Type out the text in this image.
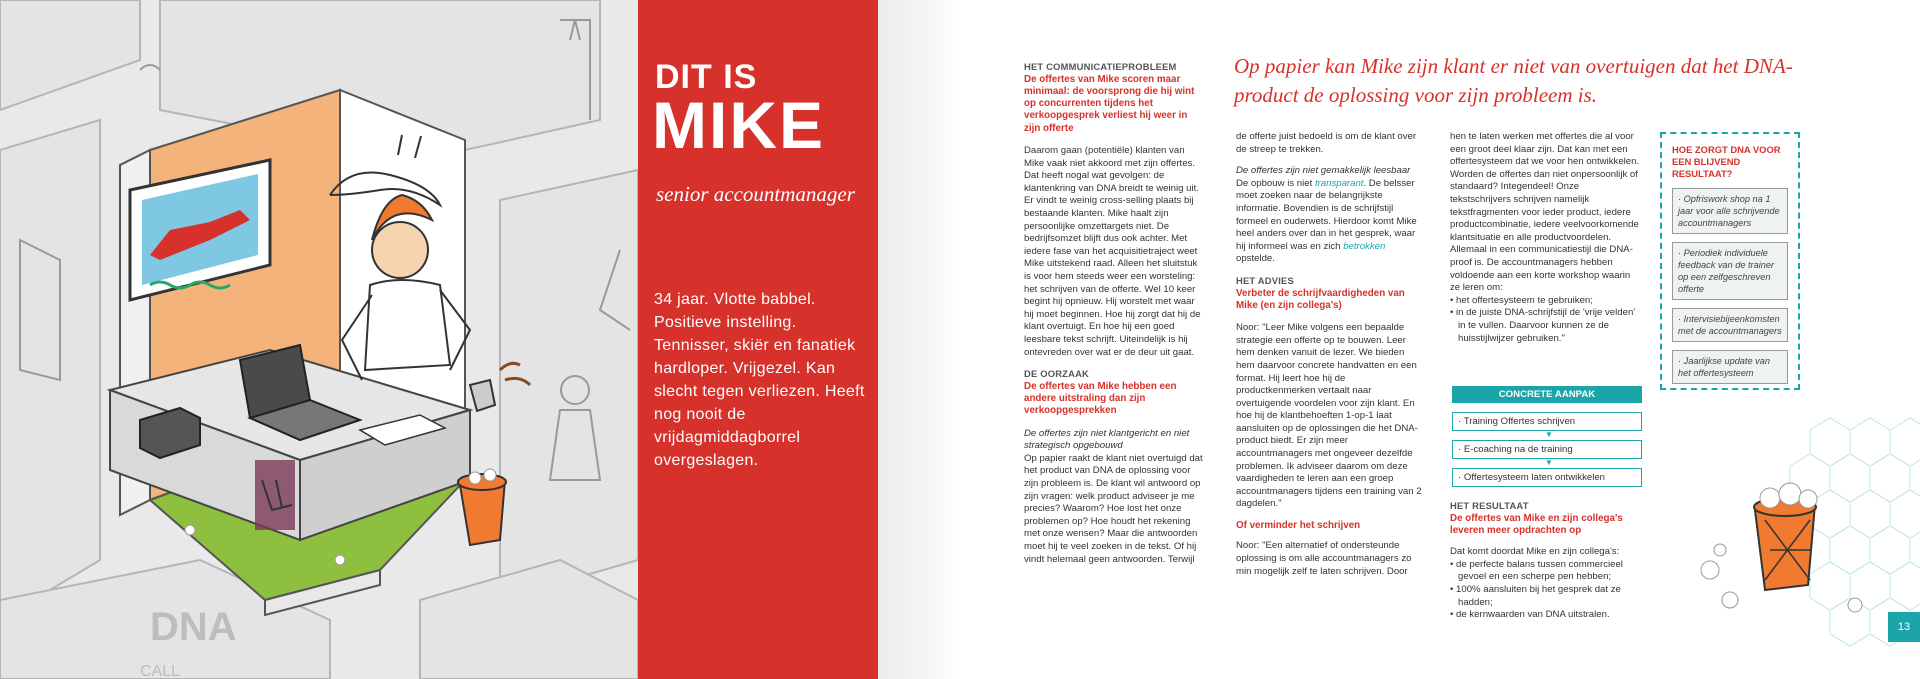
DNA
CALL
DIT IS
MIKE
senior accountmanager
34 jaar. Vlotte babbel. Positieve instelling. Tennisser, skiër en fanatiek hardloper. Vrijgezel. Kan slecht tegen verliezen. Heeft nog nooit de vrijdagmiddagborrel overgeslagen.
Op papier kan Mike zijn klant er niet van overtuigen dat het DNA-product de oplossing voor zijn probleem is.
HET COMMUNICATIEPROBLEEM
De offertes van Mike scoren maar minimaal: de voorsprong die hij wint op concurrenten tijdens het verkoopgesprek verliest hij weer in zijn offerte

Daarom gaan (potentiële) klanten van Mike vaak niet akkoord met zijn offertes. Dat heeft nogal wat gevolgen: de klantenkring van DNA breidt te weinig uit. Er vindt te weinig cross-selling plaats bij bestaande klanten. Mike haalt zijn persoonlijke omzettargets niet. De bedrijfsomzet blijft dus ook achter. Met iedere fase van het acquisitietraject weet Mike uitstekend raad. Alleen het sluitstuk is voor hem steeds weer een worsteling: het schrijven van de offerte. Wel 10 keer begint hij opnieuw. Hij worstelt met waar hij moet beginnen. Hoe hij zorgt dat hij de klant overtuigt. En hoe hij een goed leesbare tekst schrijft. Uiteindelijk is hij ontevreden over wat er de deur uit gaat.

DE OORZAAK
De offertes van Mike hebben een andere uitstraling dan zijn verkoopgesprekken
De offertes zijn niet klantgericht en niet strategisch opgebouwd

Op papier raakt de klant niet overtuigd dat het product van DNA de oplossing voor zijn probleem is. De klant wil antwoord op zijn vragen: welk product adviseer je me precies? Waarom? Hoe lost het onze problemen op? Hoe houdt het rekening met onze wensen? Maar die antwoorden moet hij te veel zoeken in de tekst. Of hij vindt helemaal geen antwoorden. Terwijl

de offerte juist bedoeld is om de klant over de streep te trekken.

De offertes zijn niet gemakkelijk leesbaar

De opbouw is niet transparant. De belsser moet zoeken naar de belangrijkste informatie. Bovendien is de schrijfstijl formeel en ouderwets. Hierdoor komt Mike heel anders over dan in het gesprek, waar hij informeel was en zich betrokken opstelde.

HET ADVIES
Verbeter de schrijfvaardigheden van Mike (en zijn collega's)

Noor: "Leer Mike volgens een bepaalde strategie een offerte op te bouwen. Leer hem denken vanuit de lezer. We bieden hem daarvoor concrete handvatten en een format. Hij leert hoe hij de productkenmerken vertaalt naar overtuigende voordelen voor zijn klant. En hoe hij de klantbehoeften 1-op-1 laat aansluiten op de oplossingen die het DNA-product biedt. Er zijn meer accountmanagers met ongeveer dezelfde problemen. Ik adviseer daarom om deze vaardigheden te leren aan een groep accountmanagers tijdens een training van 2 dagdelen."

Of verminder het schrijven

Noor: "Een alternatief of ondersteunde oplossing is om alle accountmanagers zo min mogelijk zelf te laten schrijven. Door

hen te laten werken met offertes die al voor een groot deel klaar zijn. Dat kan met een offertesysteem dat we voor hen ontwikkelen. Worden de offertes dan niet onpersoonlijk of standaard? Integendeel! Onze tekstschrijvers schrijven namelijk tekstfragmenten voor ieder product, iedere productcombinatie, iedere veelvoorkomende klantsituatie en alle productvoordelen. Allemaal in een communicatiestijl die DNA-proof is. De accountmanagers hebben voldoende aan een korte workshop waarin ze leren om:

• het offertesysteem te gebruiken;
• in de juiste DNA-schrijfstijl de 'vrije velden' in te vullen. Daarvoor kunnen ze de huisstijlwijzer gebruiken."
CONCRETE AANPAK
· Training Offertes schrijven
▼
· E-coaching na de training
▼
· Offertesysteem laten ontwikkelen
HET RESULTAAT
De offertes van Mike en zijn collega's leveren meer opdrachten op
Dat komt doordat Mike en zijn collega's:
• de perfecte balans tussen commercieel gevoel en een scherpe pen hebben;
• 100% aansluiten bij het gesprek dat ze hadden;
• de kernwaarden van DNA uitstralen.
HOE ZORGT DNA VOOR EEN BLIJVEND RESULTAAT?
· Opfriswork shop na 1 jaar voor alle schrijvende accountmanagers
· Periodiek individuele feedback van de trainer op een zelfgeschreven offerte
· Intervisiebijeenkomsten met de accountmanagers
· Jaarlijkse update van het offertesysteem
13
